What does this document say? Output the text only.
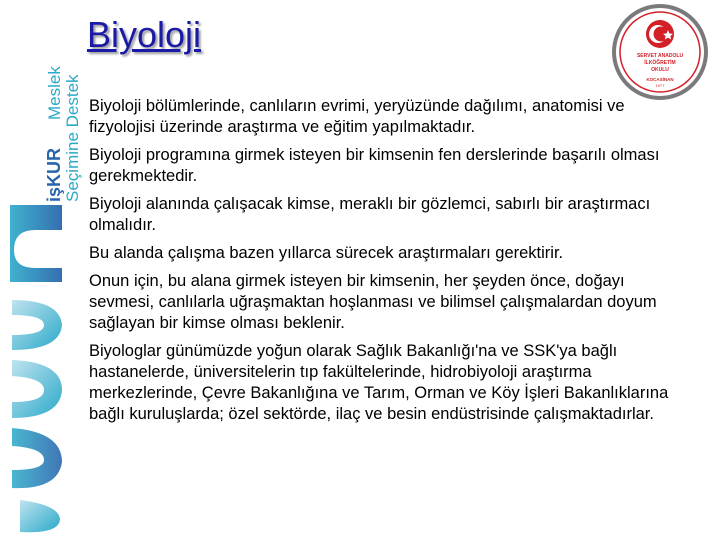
Seçimine Destek
Meslek
işKUR
Biyoloji
SERVET ANADOLU
İLKÖĞRETİM
OKULU
KOCASİNAN
1977
Biyoloji bölümlerinde, canlıların evrimi, yeryüzünde dağılımı, anatomisi ve fizyolojisi üzerinde araştırma ve eğitim yapılmaktadır.
Biyoloji programına girmek isteyen bir kimsenin fen derslerinde başarılı olması gerekmektedir.
Biyoloji alanında çalışacak kimse, meraklı bir gözlemci, sabırlı bir araştırmacı olmalıdır.
Bu alanda çalışma bazen yıllarca sürecek araştırmaları gerektirir.
Onun için, bu alana girmek isteyen bir kimsenin, her şeyden önce, doğayı sevmesi, canlılarla uğraşmaktan hoşlanması ve bilimsel çalışmalardan doyum sağlayan bir kimse olması beklenir.
Biyologlar günümüzde yoğun olarak Sağlık Bakanlığı'na ve SSK'ya bağlı hastanelerde, üniversitelerin tıp fakültelerinde, hidrobiyoloji araştırma merkezlerinde, Çevre Bakanlığına ve Tarım, Orman ve Köy İşleri Bakanlıklarına bağlı kuruluşlarda; özel sektörde, ilaç ve besin endüstrisinde çalışmaktadırlar.
